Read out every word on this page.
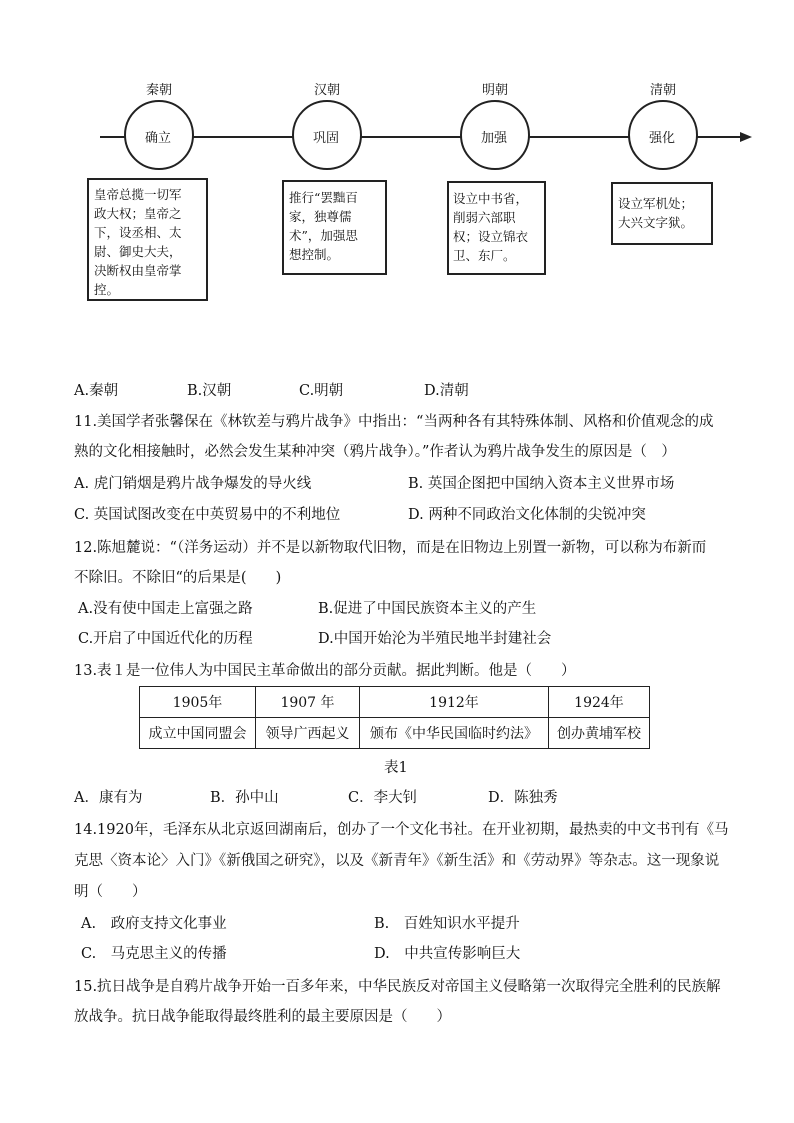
秦朝	汉朝	明朝	清朝
确立	巩固	加强	强化
皇帝总揽一切军
政大权；皇帝之
下，设丞相、太
尉、御史大夫，
决断权由皇帝掌
控。
推行“罢黜百
家，独尊儒
术”，加强思
想控制。
设立中书省，
削弱六部职
权；设立锦衣
卫、东厂。
设立军机处；
大兴文字狱。
A.秦朝	B.汉朝	C.明朝	D.清朝
11.美国学者张馨保在《林钦差与鸦片战争》中指出：“当两种各有其特殊体制、风格和价值观念的成
熟的文化相接触时，必然会发生某种冲突（鸦片战争）。”作者认为鸦片战争发生的原因是（　）
A. 虎门销烟是鸦片战争爆发的导火线	B. 英国企图把中国纳入资本主义世界市场
C. 英国试图改变在中英贸易中的不利地位	D. 两种不同政治文化体制的尖锐冲突
12.陈旭麓说：“（洋务运动）并不是以新物取代旧物，而是在旧物边上别置一新物，可以称为布新而
不除旧。不除旧“的后果是(　　)
A.没有使中国走上富强之路	B.促进了中国民族资本主义的产生
C.开启了中国近代化的历程	D.中国开始沦为半殖民地半封建社会
13.表１是一位伟人为中国民主革命做出的部分贡献。据此判断。他是（　　）
1905年	1907 年	1912年	1924年
成立中国同盟会	领导广西起义	颁布《中华民国临时约法》	创办黄埔军校
表1
A．康有为	B．孙中山	C．李大钊	D．陈独秀
14.1920年，毛泽东从北京返回湖南后，创办了一个文化书社。在开业初期，最热卖的中文书刊有《马
克思〈资本论〉入门》《新俄国之研究》，以及《新青年》《新生活》和《劳动界》等杂志。这一现象说
明（　　）
A.　政府支持文化事业	B.　百姓知识水平提升
C.　马克思主义的传播	D.　中共宣传影响巨大
15.抗日战争是自鸦片战争开始一百多年来，中华民族反对帝国主义侵略第一次取得完全胜利的民族解
放战争。抗日战争能取得最终胜利的最主要原因是（　　）
